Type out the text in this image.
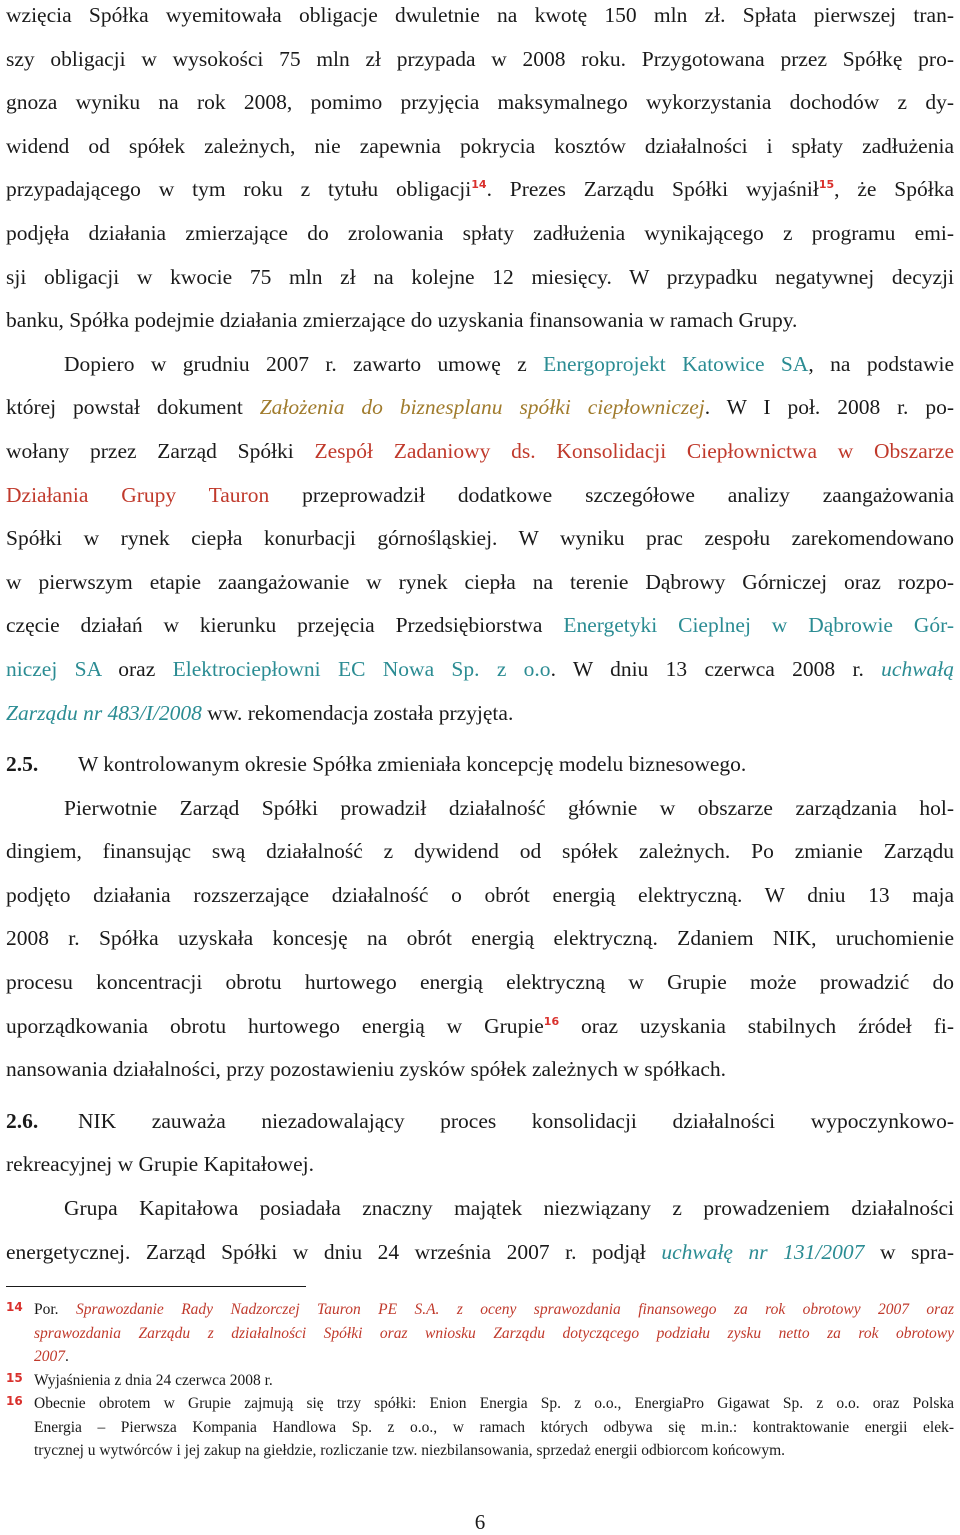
wzięcia Spółka wyemitowała obligacje dwuletnie na kwotę 150 mln zł. Spłata pierwszej tran-
szy obligacji w wysokości 75 mln zł przypada w 2008 roku. Przygotowana przez Spółkę pro-
gnoza wyniku na rok 2008, pomimo przyjęcia maksymalnego wykorzystania dochodów z dy-
widend od spółek zależnych, nie zapewnia pokrycia kosztów działalności i spłaty zadłużenia
przypadającego w tym roku z tytułu obligacji$^{14}$. Prezes Zarządu Spółki wyjaśnił$^{15}$, że Spółka
podjęła działania zmierzające do zrolowania spłaty zadłużenia wynikającego z programu emi-
sji obligacji w kwocie 75 mln zł na kolejne 12 miesięcy. W przypadku negatywnej decyzji
banku, Spółka podejmie działania zmierzające do uzyskania finansowania w ramach Grupy.
Dopiero w grudniu 2007 r. zawarto umowę z Energoprojekt Katowice SA, na podstawie
której powstał dokument Założenia do biznesplanu spółki ciepłowniczej. W I poł. 2008 r. po-
wołany przez Zarząd Spółki Zespół Zadaniowy ds. Konsolidacji Ciepłownictwa w Obszarze
Działania Grupy Tauron przeprowadził dodatkowe szczegółowe analizy zaangażowania
Spółki w rynek ciepła konurbacji górnośląskiej. W wyniku prac zespołu zarekomendowano
w pierwszym etapie zaangażowanie w rynek ciepła na terenie Dąbrowy Górniczej oraz rozpo-
częcie działań w kierunku przejęcia Przedsiębiorstwa Energetyki Cieplnej w Dąbrowie Gór-
niczej SA oraz Elektrociepłowni EC Nowa Sp. z o.o. W dniu 13 czerwca 2008 r. uchwałą
Zarządu nr 483/I/2008 ww. rekomendacja została przyjęta.
2.5. W kontrolowanym okresie Spółka zmieniała koncepcję modelu biznesowego.
Pierwotnie Zarząd Spółki prowadził działalność głównie w obszarze zarządzania hol-
dingiem, finansując swą działalność z dywidend od spółek zależnych. Po zmianie Zarządu
podjęto działania rozszerzające działalność o obrót energią elektryczną. W dniu 13 maja
2008 r. Spółka uzyskała koncesję na obrót energią elektryczną. Zdaniem NIK, uruchomienie
procesu koncentracji obrotu hurtowego energią elektryczną w Grupie może prowadzić do
uporządkowania obrotu hurtowego energią w Grupie$^{16}$ oraz uzyskania stabilnych źródeł fi-
nansowania działalności, przy pozostawieniu zysków spółek zależnych w spółkach.
2.6. NIK zauważa niezadowalający proces konsolidacji działalności wypoczynkowo-
rekreacyjnej w Grupie Kapitałowej.
Grupa Kapitałowa posiadała znaczny majątek niezwiązany z prowadzeniem działalności
energetycznej. Zarząd Spółki w dniu 24 września 2007 r. podjął uchwałę nr 131/2007 w spra-
14 Por. Sprawozdanie Rady Nadzorczej Tauron PE S.A. z oceny sprawozdania finansowego za rok obrotowy 2007 oraz
sprawozdania Zarządu z działalności Spółki oraz wniosku Zarządu dotyczącego podziału zysku netto za rok obrotowy
2007.
15 Wyjaśnienia z dnia 24 czerwca 2008 r.
16 Obecnie obrotem w Grupie zajmują się trzy spółki: Enion Energia Sp. z o.o., EnergiaPro Gigawat Sp. z o.o. oraz Polska
Energia – Pierwsza Kompania Handlowa Sp. z o.o., w ramach których odbywa się m.in.: kontraktowanie energii elek-
trycznej u wytwórców i jej zakup na giełdzie, rozliczanie tzw. niezbilansowania, sprzedaż energii odbiorcom końcowym.
6
